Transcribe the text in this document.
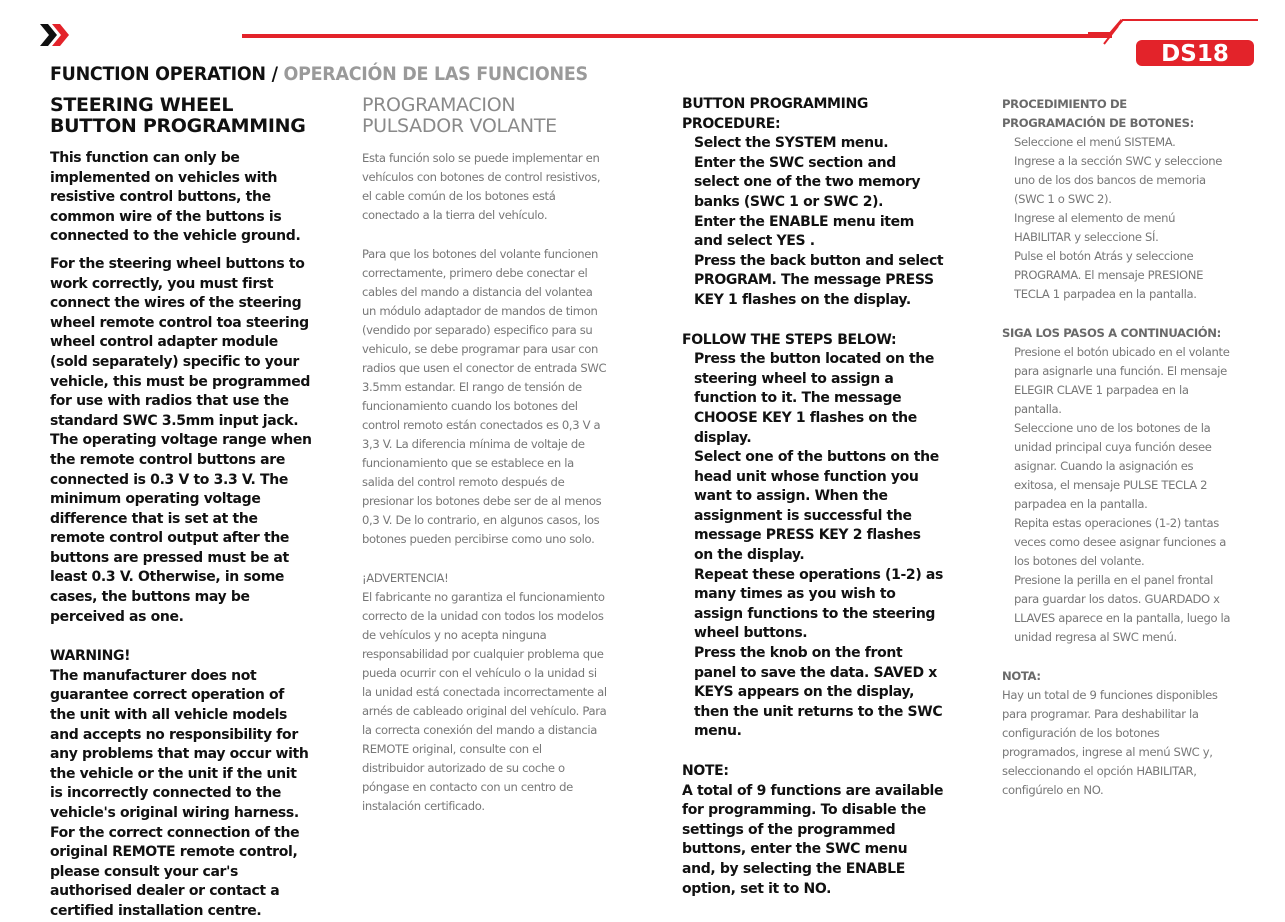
DS18
FUNCTION OPERATION / OPERACIÓN DE LAS FUNCIONES
STEERING WHEEL BUTTON PROGRAMMING

This function can only be implemented on vehicles with resistive control buttons, the common wire of the buttons is connected to the vehicle ground.

For the steering wheel buttons to work correctly, you must first connect the wires of the steering wheel remote control toa steering wheel control adapter module (sold separately) specific to your vehicle, this must be programmed for use with radios that use the standard SWC 3.5mm input jack. The operating voltage range when the remote control buttons are connected is 0.3 V to 3.3 V. The minimum operating voltage difference that is set at the remote control output after the buttons are pressed must be at least 0.3 V. Otherwise, in some cases, the buttons may be perceived as one.

WARNING!

The manufacturer does not guarantee correct operation of the unit with all vehicle models and accepts no responsibility for any problems that may occur with the vehicle or the unit if the unit is incorrectly connected to the vehicle's original wiring harness. For the correct connection of the original REMOTE remote control, please consult your car's authorised dealer or contact a certified installation centre.

PROGRAMACION PULSADOR VOLANTE

Esta función solo se puede implementar en vehículos con botones de control resistivos, el cable común de los botones está conectado a la tierra del vehículo.

Para que los botones del volante funcionen correctamente, primero debe conectar el cables del mando a distancia del volantea un módulo adaptador de mandos de timon (vendido por separado) especifico para su vehiculo, se debe programar para usar con radios que usen el conector de entrada SWC 3.5mm estandar. El rango de tensión de funcionamiento cuando los botones del control remoto están conectados es 0,3 V a 3,3 V. La diferencia mínima de voltaje de funcionamiento que se establece en la salida del control remoto después de presionar los botones debe ser de al menos 0,3 V. De lo contrario, en algunos casos, los botones pueden percibirse como uno solo.

¡ADVERTENCIA!

El fabricante no garantiza el funcionamiento correcto de la unidad con todos los modelos de vehículos y no acepta ninguna responsabilidad por cualquier problema que pueda ocurrir con el vehículo o la unidad si la unidad está conectada incorrectamente al arnés de cableado original del vehículo. Para la correcta conexión del mando a distancia REMOTE original, consulte con el distribuidor autorizado de su coche o póngase en contacto con un centro de instalación certificado.

BUTTON PROGRAMMING PROCEDURE:

Select the SYSTEM menu.

Enter the SWC section and select one of the two memory banks (SWC 1 or SWC 2).

Enter the ENABLE menu item and select YES .

Press the back button and select PROGRAM. The message PRESS KEY 1 flashes on the display.

FOLLOW THE STEPS BELOW:

Press the button located on the steering wheel to assign a function to it. The message CHOOSE KEY 1 flashes on the display.

Select one of the buttons on the head unit whose function you want to assign. When the assignment is successful the message PRESS KEY 2 flashes on the display.

Repeat these operations (1-2) as many times as you wish to assign functions to the steering wheel buttons.

Press the knob on the front panel to save the data. SAVED x KEYS appears on the display, then the unit returns to the SWC menu.

NOTE:

A total of 9 functions are available for programming. To disable the settings of the programmed buttons, enter the SWC menu and, by selecting the ENABLE option, set it to NO.

PROCEDIMIENTO DE PROGRAMACIÓN DE BOTONES:

Seleccione el menú SISTEMA.

Ingrese a la sección SWC y seleccione uno de los dos bancos de memoria (SWC 1 o SWC 2).

Ingrese al elemento de menú HABILITAR y seleccione SÍ.

Pulse el botón Atrás y seleccione PROGRAMA. El mensaje PRESIONE TECLA 1 parpadea en la pantalla.

SIGA LOS PASOS A CONTINUACIÓN:

Presione el botón ubicado en el volante para asignarle una función. El mensaje ELEGIR CLAVE 1 parpadea en la pantalla.

Seleccione uno de los botones de la unidad principal cuya función desee asignar. Cuando la asignación es exitosa, el mensaje PULSE TECLA 2 parpadea en la pantalla.

Repita estas operaciones (1-2) tantas veces como desee asignar funciones a los botones del volante.

Presione la perilla en el panel frontal para guardar los datos. GUARDADO x LLAVES aparece en la pantalla, luego la unidad regresa al SWC menú.

NOTA:

Hay un total de 9 funciones disponibles para programar. Para deshabilitar la configuración de los botones programados, ingrese al menú SWC y, seleccionando el opción HABILITAR, configúrelo en NO.
